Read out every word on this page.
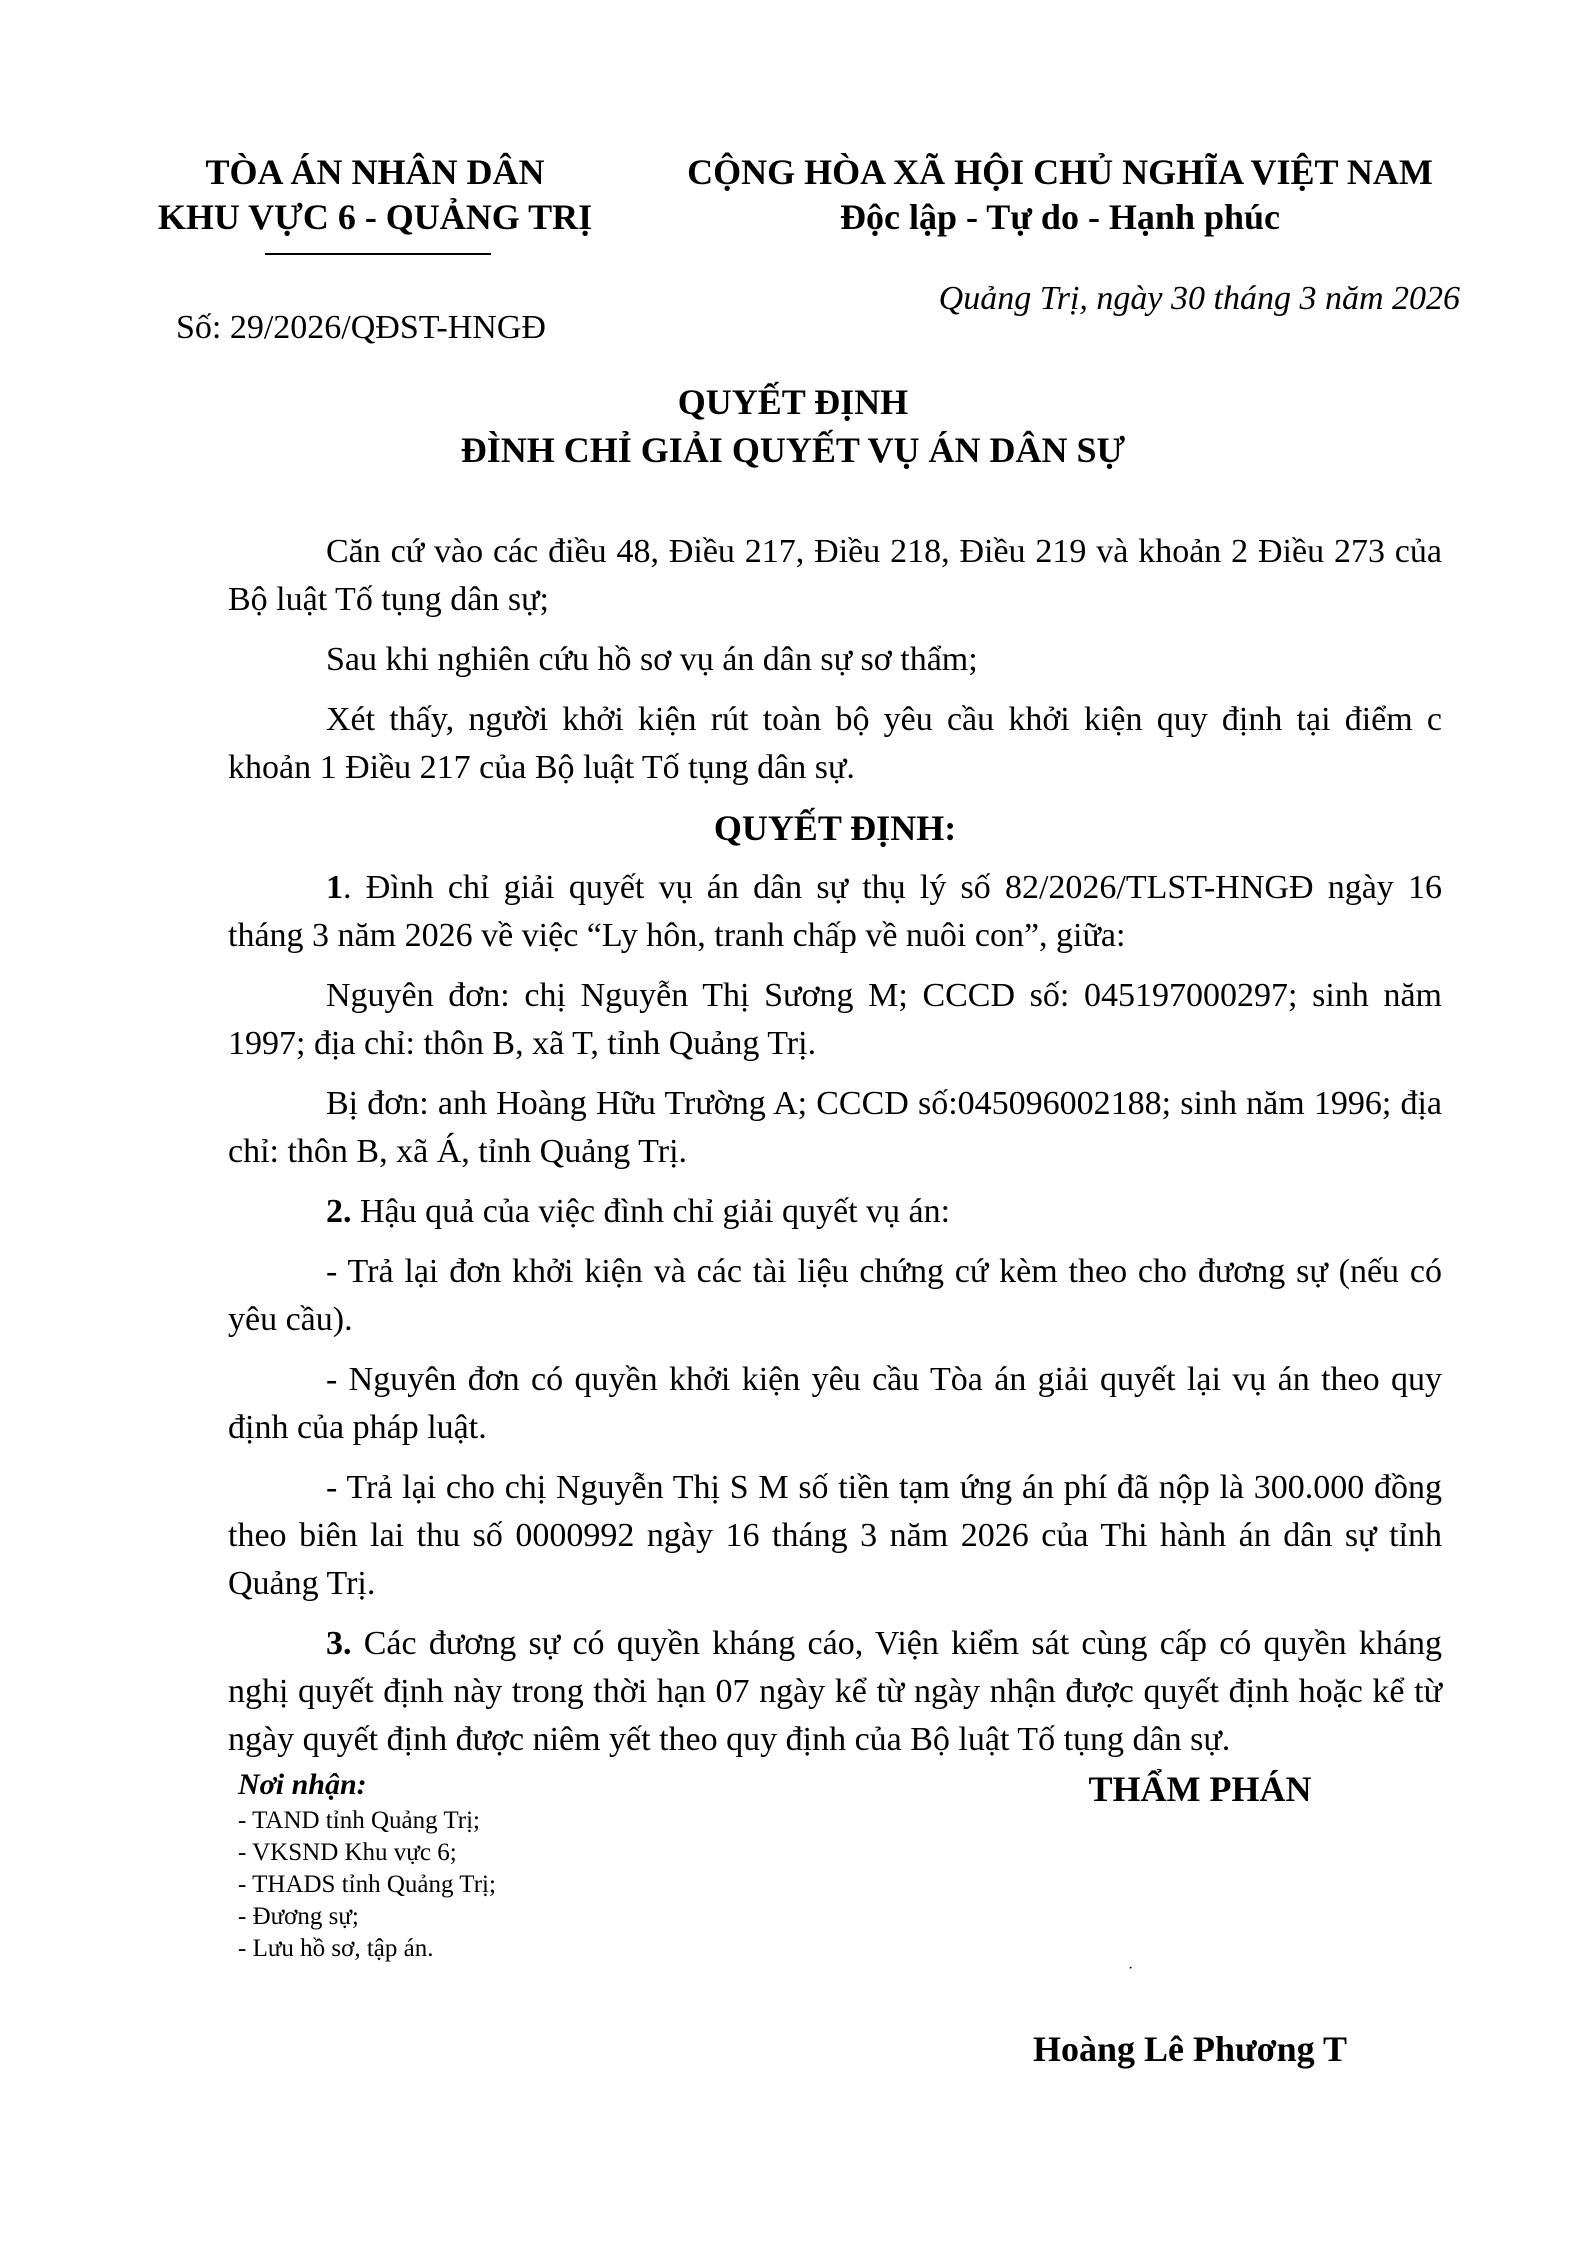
TÒA ÁN NHÂN DÂN
KHU VỰC 6 - QUẢNG TRỊ
CỘNG HÒA XÃ HỘI CHỦ NGHĨA VIỆT NAM
Độc lập - Tự do - Hạnh phúc
Số: 29/2026/QĐST-HNGĐ
Quảng Trị, ngày 30 tháng 3 năm 2026
QUYẾT ĐỊNH
ĐÌNH CHỈ GIẢI QUYẾT VỤ ÁN DÂN SỰ

Căn cứ vào các điều 48, Điều 217, Điều 218, Điều 219 và khoản 2 Điều 273 của Bộ luật Tố tụng dân sự;

Sau khi nghiên cứu hồ sơ vụ án dân sự sơ thẩm;

Xét thấy, người khởi kiện rút toàn bộ yêu cầu khởi kiện quy định tại điểm c khoản 1 Điều 217 của Bộ luật Tố tụng dân sự.

QUYẾT ĐỊNH:

1. Đình chỉ giải quyết vụ án dân sự thụ lý số 82/2026/TLST-HNGĐ ngày 16 tháng 3 năm 2026 về việc “Ly hôn, tranh chấp về nuôi con”, giữa:

Nguyên đơn: chị Nguyễn Thị Sương M; CCCD số: 045197000297; sinh năm 1997; địa chỉ: thôn B, xã T, tỉnh Quảng Trị.

Bị đơn: anh Hoàng Hữu Trường A; CCCD số:045096002188; sinh năm 1996; địa chỉ: thôn B, xã Á, tỉnh Quảng Trị.

2. Hậu quả của việc đình chỉ giải quyết vụ án:

- Trả lại đơn khởi kiện và các tài liệu chứng cứ kèm theo cho đương sự (nếu có yêu cầu).

- Nguyên đơn có quyền khởi kiện yêu cầu Tòa án giải quyết lại vụ án theo quy định của pháp luật.

- Trả lại cho chị Nguyễn Thị S M số tiền tạm ứng án phí đã nộp là 300.000 đồng theo biên lai thu số 0000992 ngày 16 tháng 3 năm 2026 của Thi hành án dân sự tỉnh Quảng Trị.

3. Các đương sự có quyền kháng cáo, Viện kiểm sát cùng cấp có quyền kháng nghị quyết định này trong thời hạn 07 ngày kể từ ngày nhận được quyết định hoặc kể từ ngày quyết định được niêm yết theo quy định của Bộ luật Tố tụng dân sự.

Nơi nhận:
- TAND tỉnh Quảng Trị;
- VKSND Khu vực 6;
- THADS tỉnh Quảng Trị;
- Đương sự;
- Lưu hồ sơ, tập án.
THẨM PHÁN
·
Hoàng Lê Phương T
